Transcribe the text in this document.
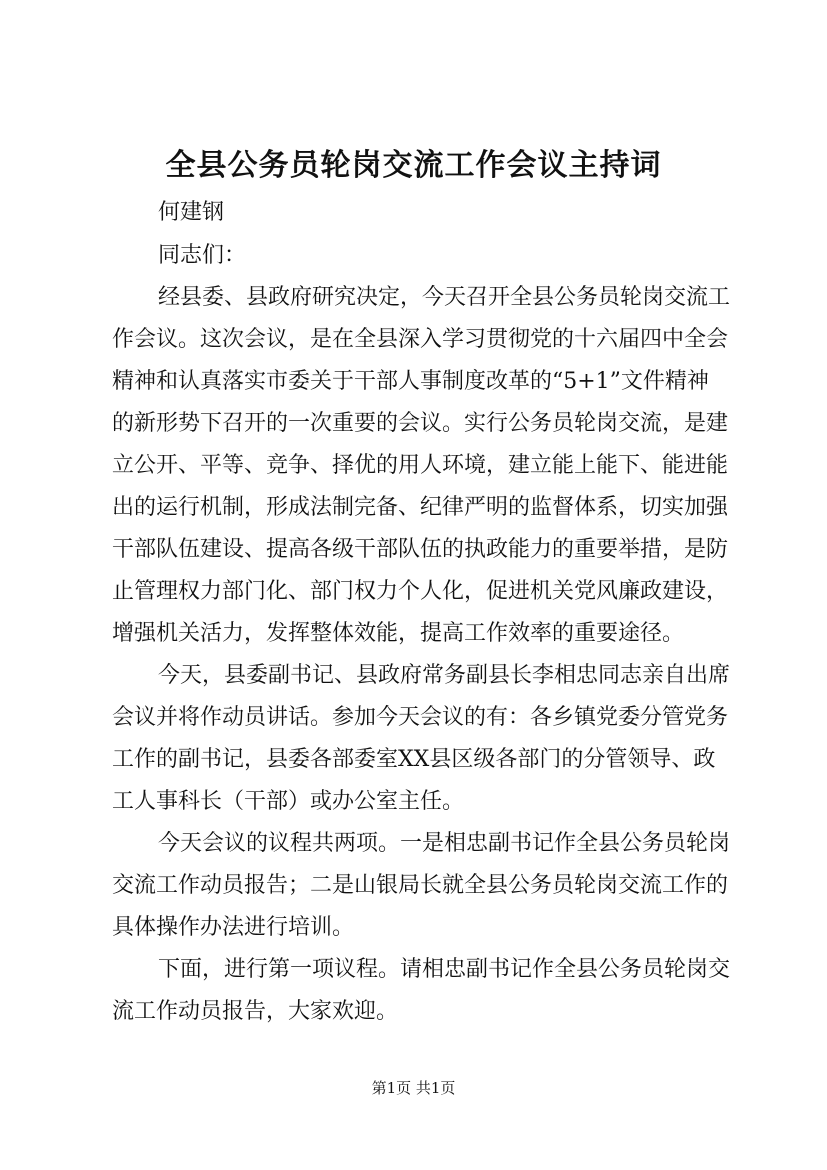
全县公务员轮岗交流工作会议主持词

何建钢

同志们：

经县委、县政府研究决定，今天召开全县公务员轮岗交流工

作会议。这次会议，是在全县深入学习贯彻党的十六届四中全会

精神和认真落实市委关于干部人事制度改革的“5+1”文件精神

的新形势下召开的一次重要的会议。实行公务员轮岗交流，是建

立公开、平等、竞争、择优的用人环境，建立能上能下、能进能

出的运行机制，形成法制完备、纪律严明的监督体系，切实加强

干部队伍建设、提高各级干部队伍的执政能力的重要举措，是防

止管理权力部门化、部门权力个人化，促进机关党风廉政建设，

增强机关活力，发挥整体效能，提高工作效率的重要途径。

今天，县委副书记、县政府常务副县长李相忠同志亲自出席

会议并将作动员讲话。参加今天会议的有：各乡镇党委分管党务

工作的副书记，县委各部委室XX县区级各部门的分管领导、政

工人事科长（干部）或办公室主任。

今天会议的议程共两项。一是相忠副书记作全县公务员轮岗

交流工作动员报告；二是山银局长就全县公务员轮岗交流工作的

具体操作办法进行培训。

下面，进行第一项议程。请相忠副书记作全县公务员轮岗交

流工作动员报告，大家欢迎。

第1页 共1页
